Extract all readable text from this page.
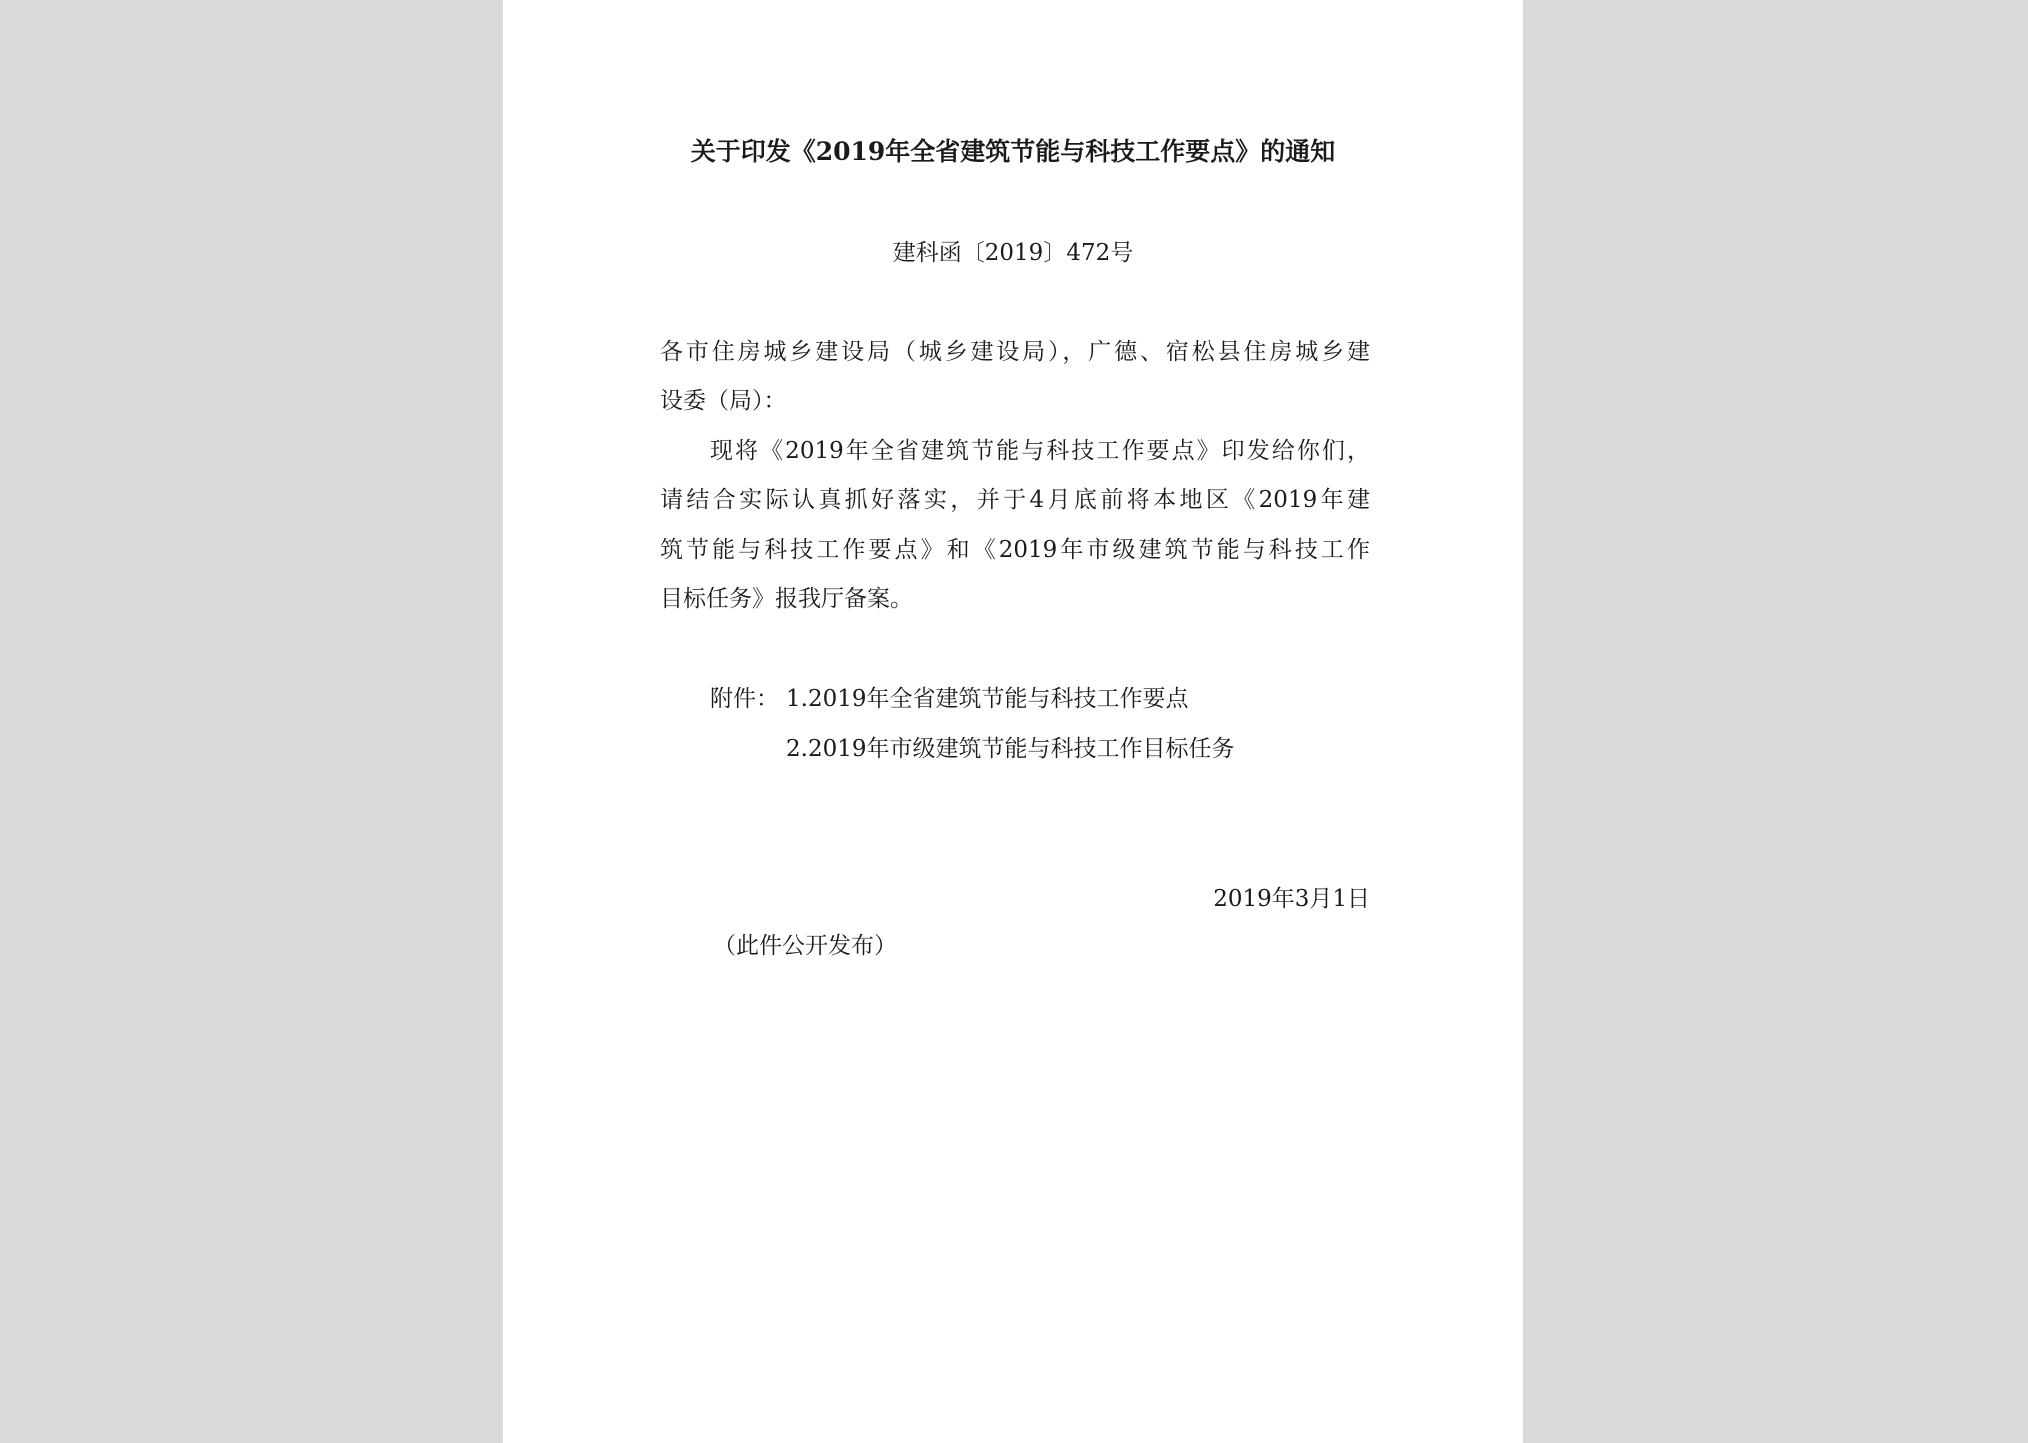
关于印发《2019年全省建筑节能与科技工作要点》的通知
建科函〔2019〕472号
各市住房城乡建设局（城乡建设局），广德、宿松县住房城乡建
设委（局）：
现将《2019年全省建筑节能与科技工作要点》印发给你们，
请结合实际认真抓好落实，并于4月底前将本地区《2019年建
筑节能与科技工作要点》和《2019年市级建筑节能与科技工作
目标任务》报我厅备案。
附件： 1.2019年全省建筑节能与科技工作要点
2.2019年市级建筑节能与科技工作目标任务
2019年3月1日
（此件公开发布）
